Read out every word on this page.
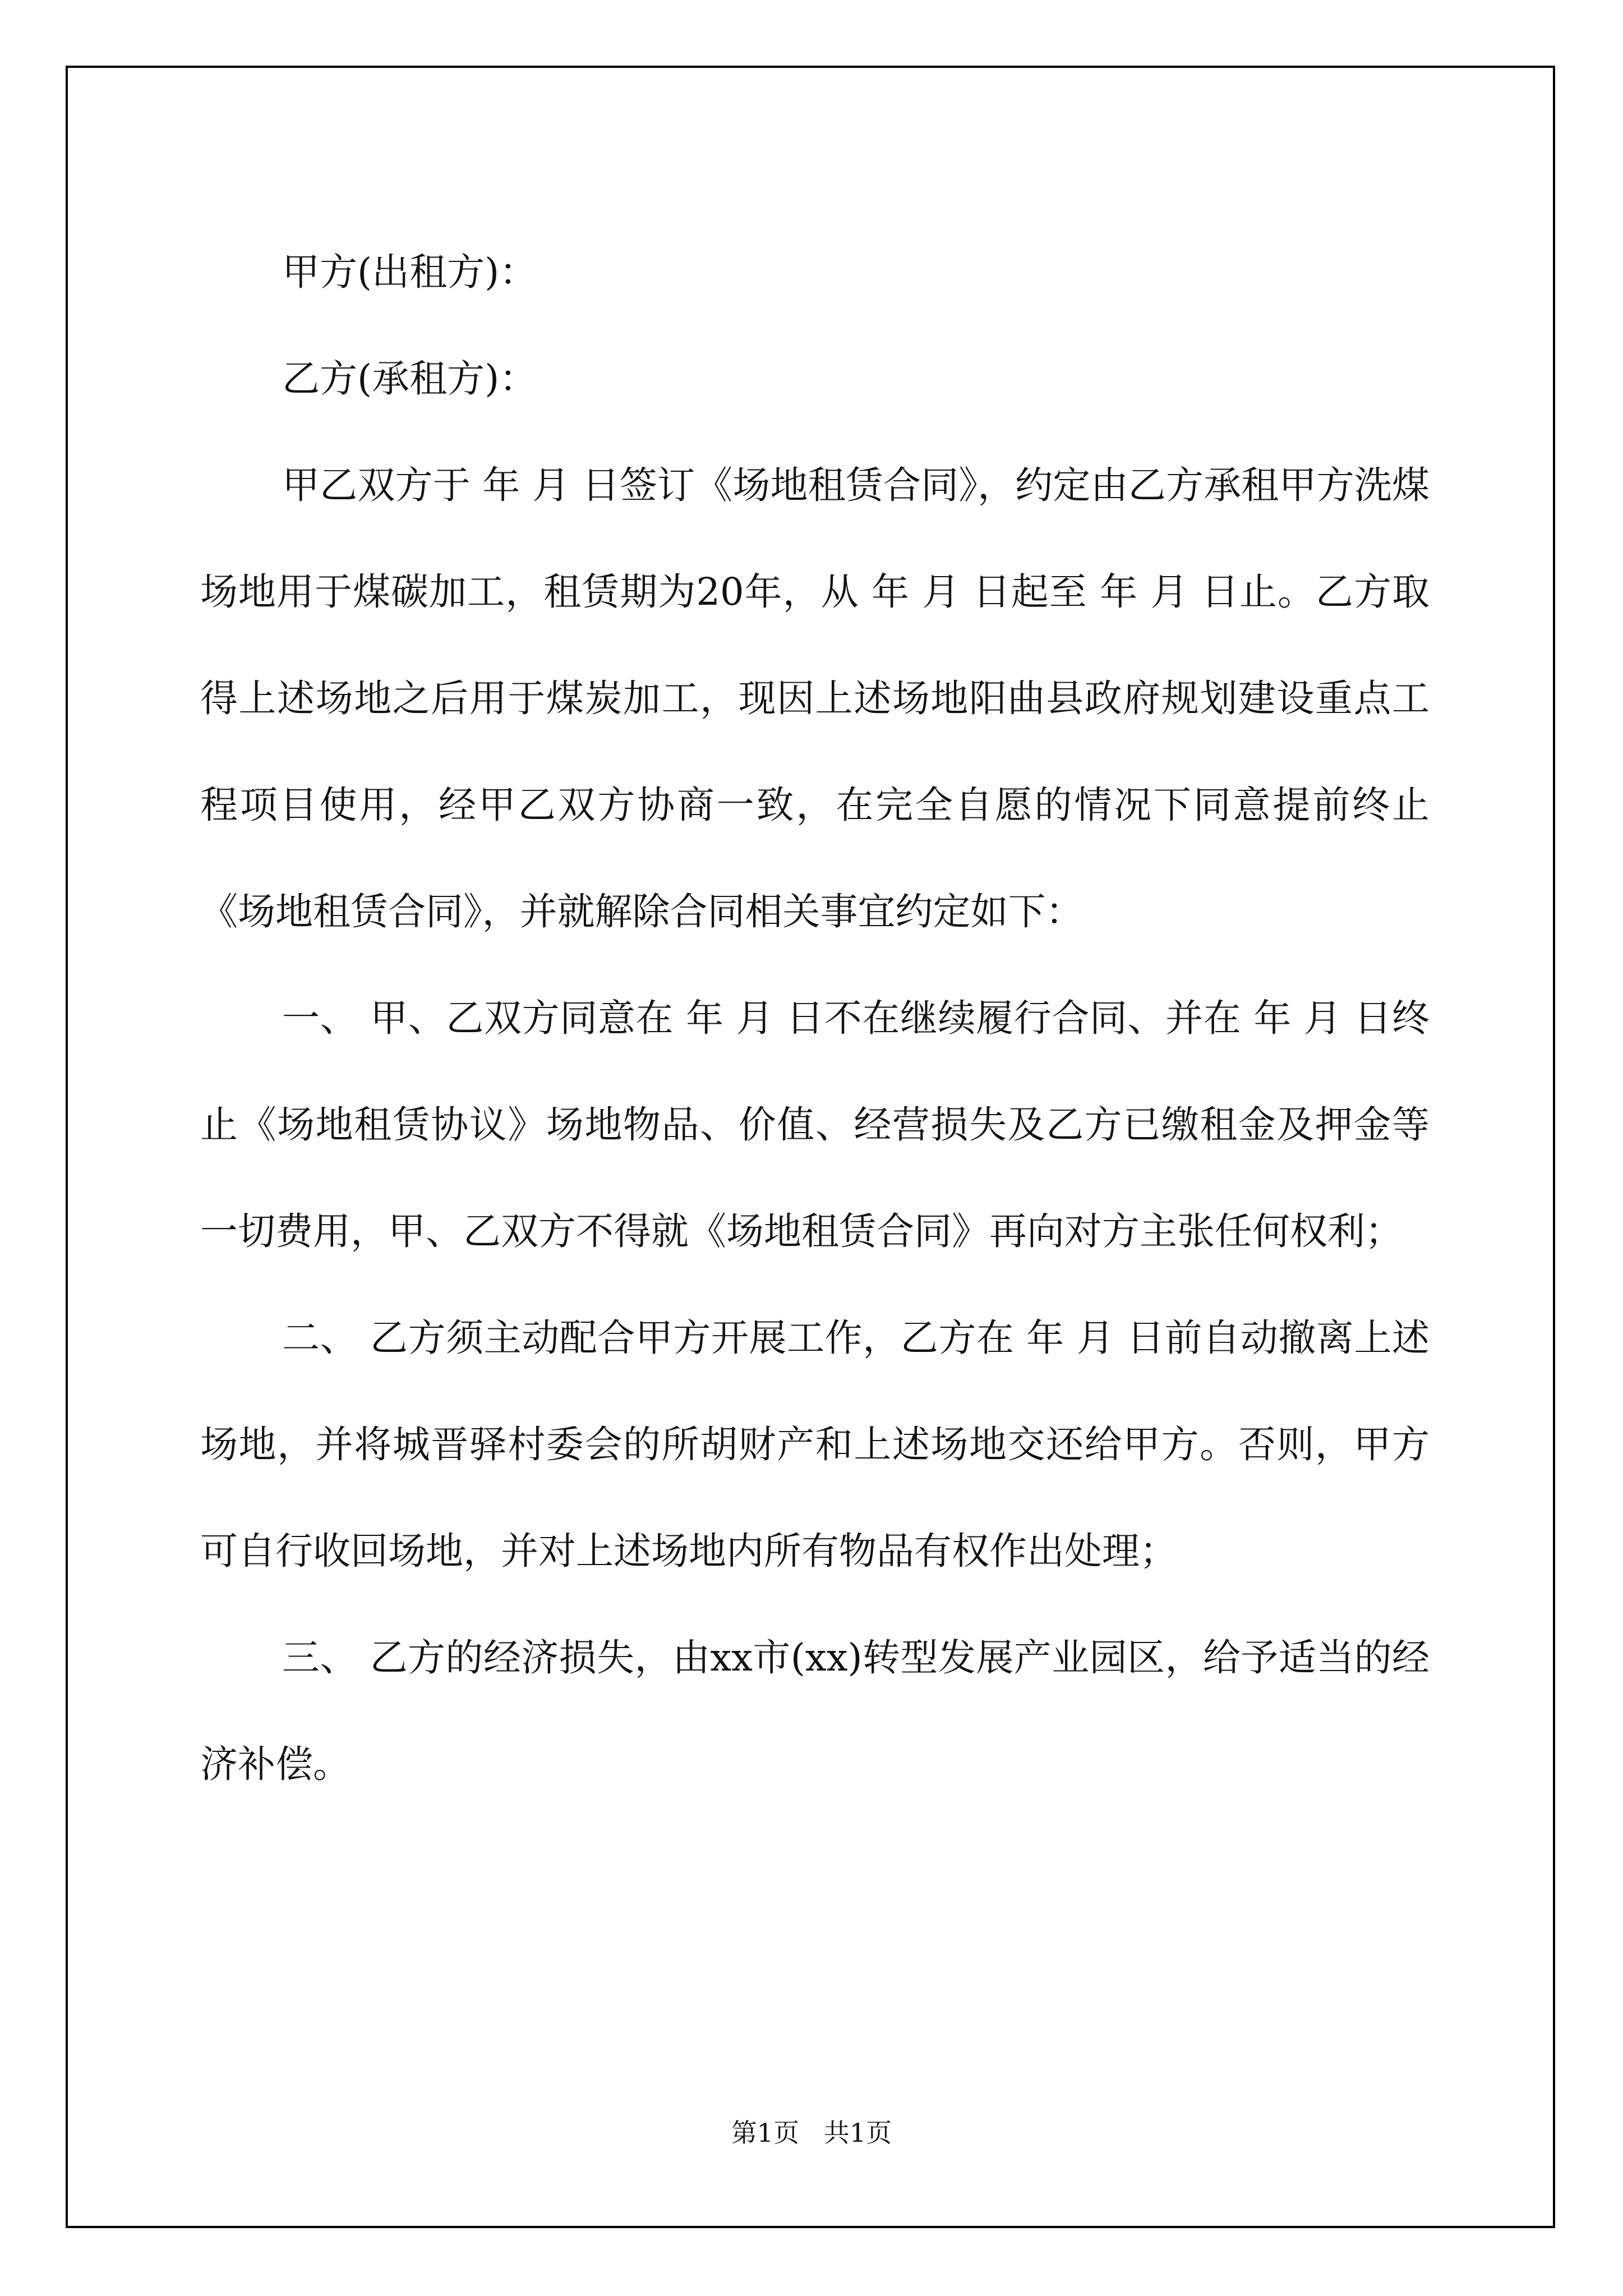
甲方(出租方)：

乙方(承租方)：

甲乙双方于 年 月 日签订《场地租赁合同》，约定由乙方承租甲方洗煤场地用于煤碳加工，租赁期为20年，从 年 月 日起至 年 月 日止。乙方取得上述场地之后用于煤炭加工，现因上述场地阳曲县政府规划建设重点工程项目使用，经甲乙双方协商一致，在完全自愿的情况下同意提前终止《场地租赁合同》，并就解除合同相关事宜约定如下：

一、 甲、乙双方同意在 年 月 日不在继续履行合同、并在 年 月 日终止《场地租赁协议》场地物品、价值、经营损失及乙方已缴租金及押金等一切费用，甲、乙双方不得就《场地租赁合同》再向对方主张任何权利；

二、 乙方须主动配合甲方开展工作，乙方在 年 月 日前自动撤离上述场地，并将城晋驿村委会的所胡财产和上述场地交还给甲方。否则，甲方可自行收回场地，并对上述场地内所有物品有权作出处理；

三、 乙方的经济损失，由xx市(xx)转型发展产业园区，给予适当的经济补偿。

第1页   共1页
